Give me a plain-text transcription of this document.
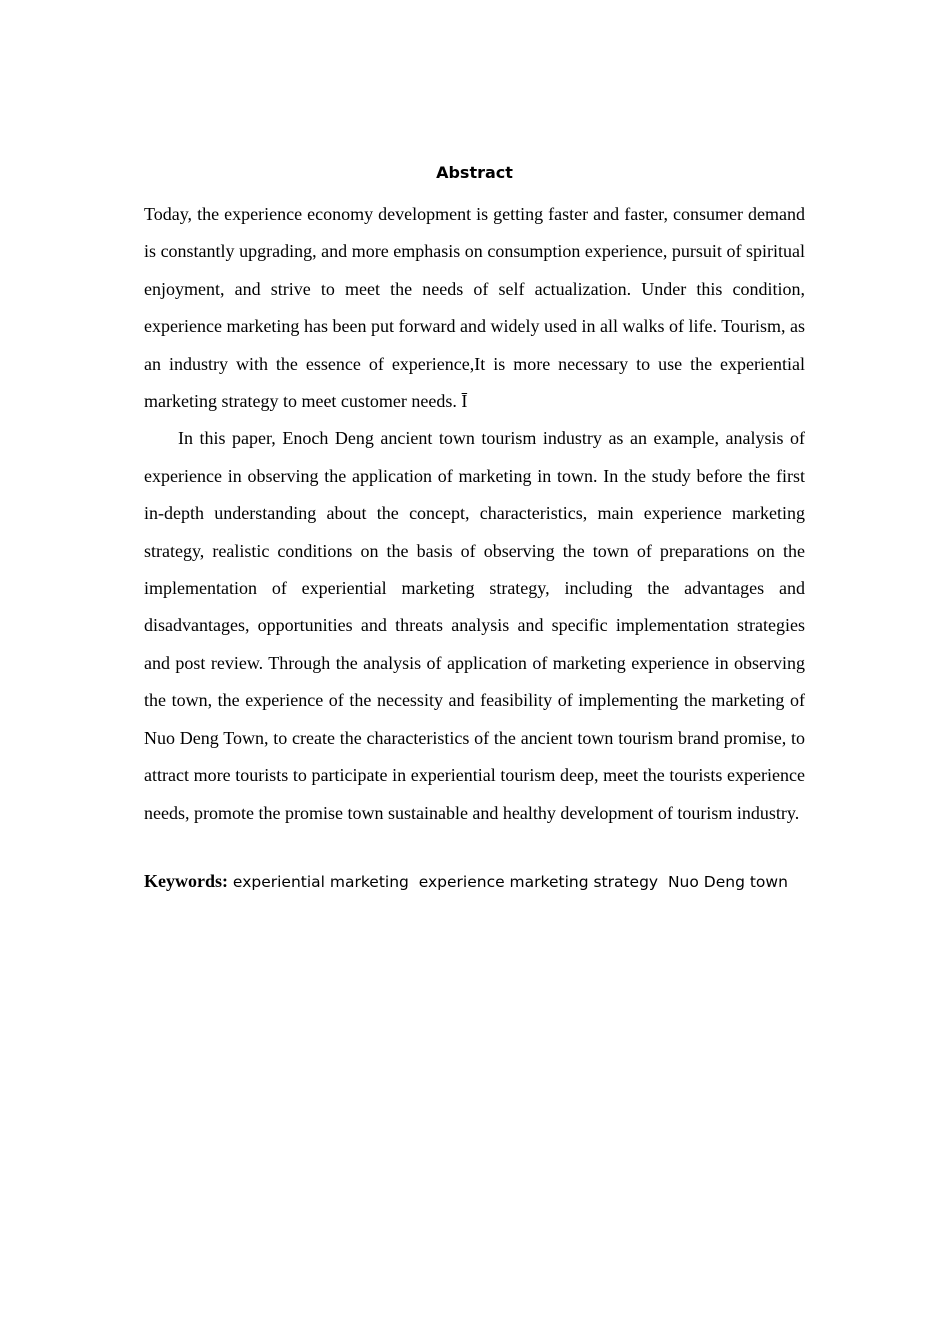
Abstract

Today, the experience economy development is getting faster and faster, consumer demand is constantly upgrading, and more emphasis on consumption experience, pursuit of spiritual enjoyment, and strive to meet the needs of self actualization. Under this condition, experience marketing has been put forward and widely used in all walks of life. Tourism, as an industry with the essence of experience,It is more necessary to use the experiential marketing strategy to meet customer needs. Ī

In this paper, Enoch Deng ancient town tourism industry as an example, analysis of experience in observing the application of marketing in town. In the study before the first in-depth understanding about the concept, characteristics, main experience marketing strategy, realistic conditions on the basis of observing the town of preparations on the implementation of experiential marketing strategy, including the advantages and disadvantages, opportunities and threats analysis and specific implementation strategies and post review. Through the analysis of application of marketing experience in observing the town, the experience of the necessity and feasibility of implementing the marketing of Nuo Deng Town, to create the characteristics of the ancient town tourism brand promise, to attract more tourists to participate in experiential tourism deep, meet the tourists experience needs, promote the promise town sustainable and healthy development of tourism industry.

Keywords: experiential marketing  experience marketing strategy  Nuo Deng town
